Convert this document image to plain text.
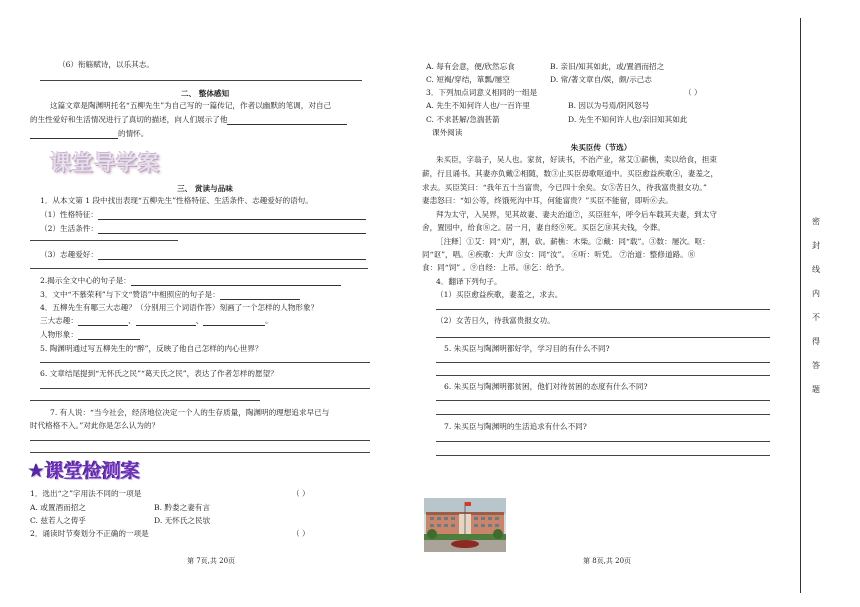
（6）衔觞赋诗，以乐其志。
二、 整体感知
这篇文章是陶渊明托名“五柳先生”为自己写的一篇传记，作者以幽默的笔调，对自己
的生性爱好和生活情况进行了真切的描述，向人们展示了他
的情怀。
课堂导学案
三、 赏读与品味
1．从本文第 1 段中找出表现“五柳先生”性格特征、生活条件、志趣爱好的语句。
（1）性格特征：
（2）生活条件：
（3）志趣爱好：
2.揭示全文中心的句子是：
3．文中“不慕荣利”与下文“赞语”中相照应的句子是：
4．五柳先生有哪三大志趣？（分别用三个词语作答）刻画了一个怎样的人物形象？
三大志趣：	、	、	。
人物形象：
5. 陶渊明通过写五柳先生的“醉”，反映了他自己怎样的内心世界？
6. 文章结尾提到“无怀氏之民”“葛天氏之民”，表达了作者怎样的愿望？
7. 有人说：“当今社会，经济地位决定一个人的生存质量，陶渊明的理想追求早已与
时代格格不入。”对此你是怎么认为的？
★课堂检测案
1．选出“之”字用法不同的一项是	（ ）
A. 或置酒而招之	B. 黔娄之妻有言
C. 兹若人之俦乎	D. 无怀氏之民欤
2．诵读时节奏划分不正确的一项是	（ ）
第 7页,共 20页
A. 每有会意，便/欣然忘食	B. 亲旧/知其如此，或/置酒而招之
C. 短褐/穿结，箪瓢/屡空	D. 常/著文章自/娱，颇/示己志
3．下列加点词意义相同的一组是	（ ）
A. 先生不知何许人也/一百许里	B. 因以为号焉/阴风怒号
C. 不求甚解/急湍甚箭	D. 先生不知何许人也/亲旧知其如此
课外阅读
朱买臣传（节选）
朱买臣，字翁子，吴人也。家贫，好读书，不治产业，常艾①薪樵，卖以给食，担束
薪，行且诵书。其妻亦负戴②相随，数③止买臣毋歌呕道中。买臣愈益疾歌④，妻羞之，
求去。买臣笑曰：“我年五十当富贵，今已四十余矣。女⑤苦日久，待我富贵报女功。”
妻恚怒曰：“如公等，终饿死沟中耳，何能富贵？”买臣不能留，即听⑥去。
拜为太守，入吴界，见其故妻、妻夫治道⑦，买臣驻车，呼令后车载其夫妻，到太守
舍，置园中，给食⑧之。居一月，妻自经⑨死。买臣乞⑩其夫钱，令葬。
［注释］①艾：同“刈”，割，砍。薪樵：木柴。②戴：同“载”。③数：屡次。呕：
同“讴”，唱。④疾歌：大声 ⑤女：同“汝”。 ⑥听：听凭。 ⑦治道：整修道路。⑧
食：同“饲” 。⑨自经：上吊。⑩乞：给予。
4．翻译下列句子。
（1）买臣愈益疾歌，妻羞之，求去。
（2）女苦日久，待我富贵报女功。
5. 朱买臣与陶渊明都好学，学习目的有什么不同?
6. 朱买臣与陶渊明都贫困，他们对待贫困的态度有什么不同?
7. 朱买臣与陶渊明的生活追求有什么不同?
第 8页,共 20页
密
封
线
内
不
得
答
题
